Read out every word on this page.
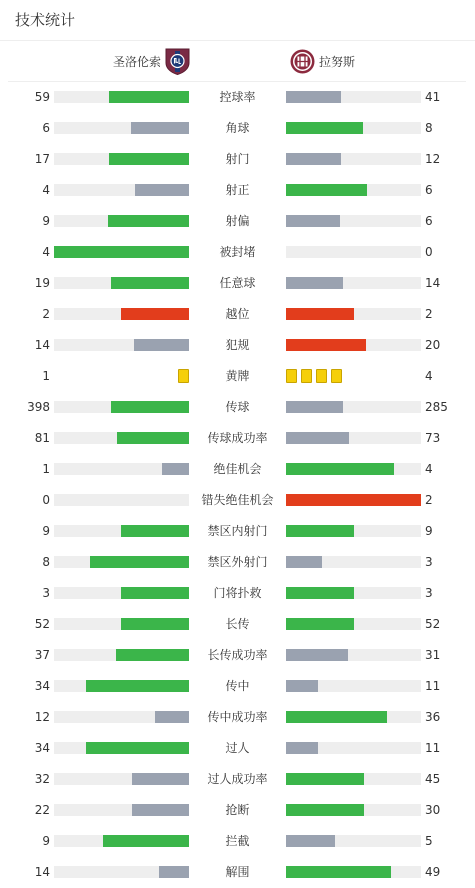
技术统计
圣洛伦索	拉努斯
59	控球率	41
6	角球	8
17	射门	12
4	射正	6
9	射偏	6
4	被封堵	0
19	任意球	14
2	越位	2
14	犯规	20
1	黄牌	4
398	传球	285
81	传球成功率	73
1	绝佳机会	4
0	错失绝佳机会	2
9	禁区内射门	9
8	禁区外射门	3
3	门将扑救	3
52	长传	52
37	长传成功率	31
34	传中	11
12	传中成功率	36
34	过人	11
32	过人成功率	45
22	抢断	30
9	拦截	5
14	解围	49
